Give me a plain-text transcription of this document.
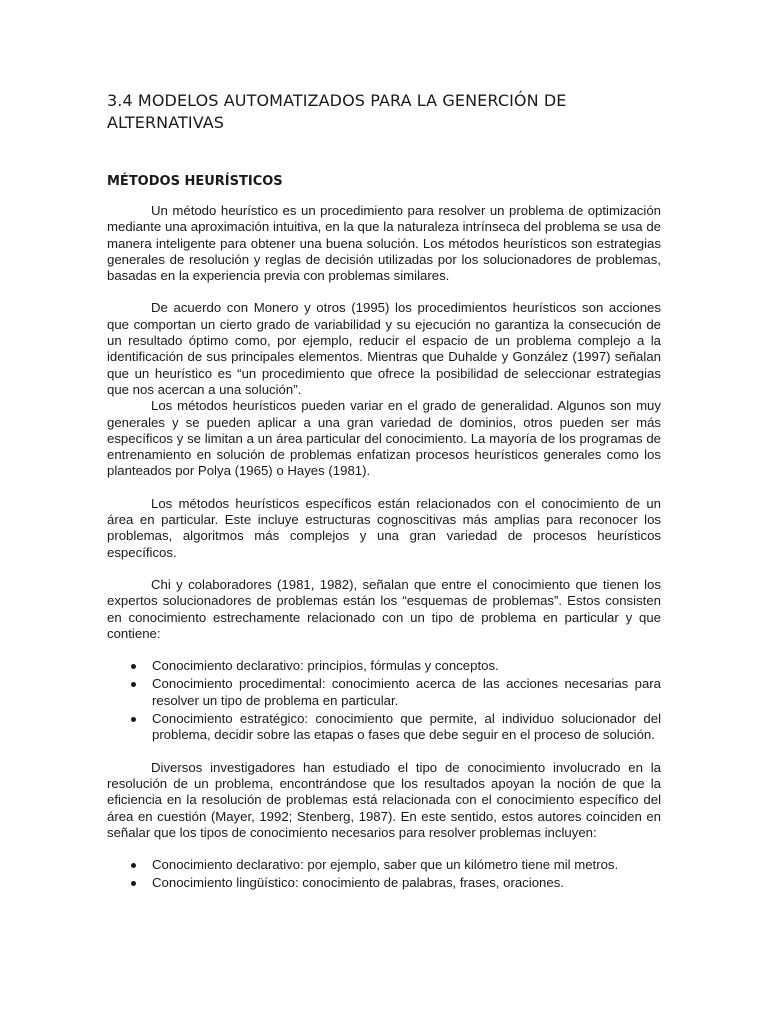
3.4 MODELOS AUTOMATIZADOS PARA LA GENERCIÓN DE ALTERNATIVAS
MÉTODOS HEURÍSTICOS

Un método heurístico es un procedimiento para resolver un problema de optimización mediante una aproximación intuitiva, en la que la naturaleza intrínseca del problema se usa de manera inteligente para obtener una buena solución. Los métodos heurísticos son estrategias generales de resolución y reglas de decisión utilizadas por los solucionadores de problemas, basadas en la experiencia previa con problemas similares.

De acuerdo con Monero y otros (1995) los procedimientos heurísticos son acciones que comportan un cierto grado de variabilidad y su ejecución no garantiza la consecución de un resultado óptimo como, por ejemplo, reducir el espacio de un problema complejo a la identificación de sus principales elementos. Mientras que Duhalde y González (1997) señalan que un heurístico es “un procedimiento que ofrece la posibilidad de seleccionar estrategias que nos acercan a una solución”.

Los métodos heurísticos pueden variar en el grado de generalidad. Algunos son muy generales y se pueden aplicar a una gran variedad de dominios, otros pueden ser más específicos y se limitan a un área particular del conocimiento. La mayoría de los programas de entrenamiento en solución de problemas enfatizan procesos heurísticos generales como los planteados por Polya (1965) o Hayes (1981).

Los métodos heurísticos específicos están relacionados con el conocimiento de un área en particular. Este incluye estructuras cognoscitivas más amplias para reconocer los problemas, algoritmos más complejos y una gran variedad de procesos heurísticos específicos.

Chi y colaboradores (1981, 1982), señalan que entre el conocimiento que tienen los expertos solucionadores de problemas están los “esquemas de problemas”. Estos consisten en conocimiento estrechamente relacionado con un tipo de problema en particular y que contiene:

Conocimiento declarativo: principios, fórmulas y conceptos.
Conocimiento procedimental: conocimiento acerca de las acciones necesarias para resolver un tipo de problema en particular.
Conocimiento estratégico: conocimiento que permite, al individuo solucionador del problema, decidir sobre las etapas o fases que debe seguir en el proceso de solución.

Diversos investigadores han estudiado el tipo de conocimiento involucrado en la resolución de un problema, encontrándose que los resultados apoyan la noción de que la eficiencia en la resolución de problemas está relacionada con el conocimiento específico del área en cuestión (Mayer, 1992; Stenberg, 1987). En este sentido, estos autores coinciden en señalar que los tipos de conocimiento necesarios para resolver problemas incluyen:

Conocimiento declarativo: por ejemplo, saber que un kilómetro tiene mil metros.
Conocimiento lingüístico: conocimiento de palabras, frases, oraciones.
